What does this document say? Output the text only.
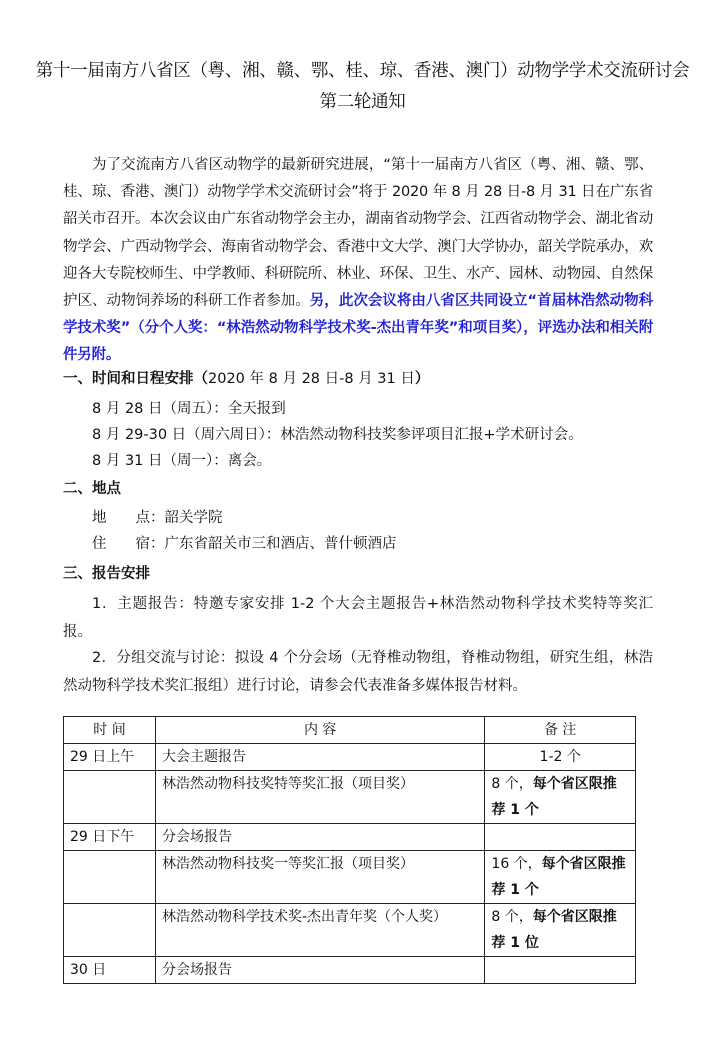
第十一届南方八省区（粤、湘、赣、鄂、桂、琼、香港、澳门）动物学学术交流研讨会
第二轮通知

为了交流南方八省区动物学的最新研究进展，“第十一届南方八省区（粤、湘、赣、鄂、桂、琼、香港、澳门）动物学学术交流研讨会”将于 2020 年 8 月 28 日-8 月 31 日在广东省韶关市召开。本次会议由广东省动物学会主办，湖南省动物学会、江西省动物学会、湖北省动物学会、广西动物学会、海南省动物学会、香港中文大学、澳门大学协办，韶关学院承办，欢迎各大专院校师生、中学教师、科研院所、林业、环保、卫生、水产、园林、动物园、自然保护区、动物饲养场的科研工作者参加。另，此次会议将由八省区共同设立“首届林浩然动物科学技术奖”（分个人奖：“林浩然动物科学技术奖-杰出青年奖”和项目奖），评选办法和相关附件另附。

一、时间和日程安排（2020 年 8 月 28 日-8 月 31 日）
8 月 28 日（周五）：全天报到
8 月 29-30 日（周六周日）：林浩然动物科技奖参评项目汇报+学术研讨会。
8 月 31 日（周一）：离会。
二、地点
地　　点：韶关学院
住　　宿：广东省韶关市三和酒店、普什顿酒店
三、报告安排
1．主题报告：特邀专家安排 1-2 个大会主题报告+林浩然动物科学技术奖特等奖汇报。
2．分组交流与讨论：拟设 4 个分会场（无脊椎动物组，脊椎动物组，研究生组，林浩然动物科学技术奖汇报组）进行讨论，请参会代表准备多媒体报告材料。
时 间	内 容	备 注
29 日上午	大会主题报告	1-2 个
	林浩然动物科技奖特等奖汇报（项目奖）	8 个，每个省区限推荐 1 个
29 日下午	分会场报告	
	林浩然动物科技奖一等奖汇报（项目奖）	16 个，每个省区限推荐 1 个
	林浩然动物科学技术奖-杰出青年奖（个人奖）	8 个，每个省区限推荐 1 位
30 日	分会场报告	
